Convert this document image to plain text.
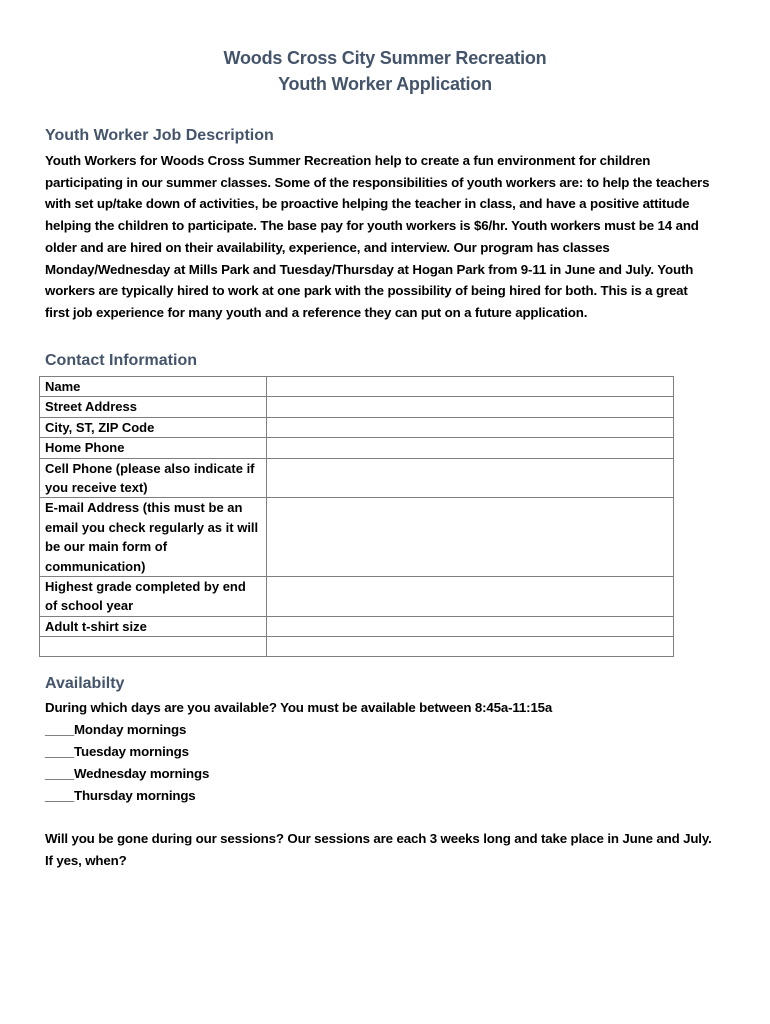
Woods Cross City Summer Recreation
Youth Worker Application
Youth Worker Job Description
Youth Workers for Woods Cross Summer Recreation help to create a fun environment for children
participating in our summer classes. Some of the responsibilities of youth workers are: to help the teachers
with set up/take down of activities, be proactive helping the teacher in class, and have a positive attitude
helping the children to participate. The base pay for youth workers is $6/hr. Youth workers must be 14 and
older and are hired on their availability, experience, and interview. Our program has classes
Monday/Wednesday at Mills Park and Tuesday/Thursday at Hogan Park from 9-11 in June and July. Youth
workers are typically hired to work at one park with the possibility of being hired for both. This is a great
first job experience for many youth and a reference they can put on a future application.
Contact Information
Name	
Street Address	
City, ST, ZIP Code	
Home Phone	
Cell Phone (please also indicate if you receive text)	
E-mail Address (this must be an email you check regularly as it will be our main form of communication)	
Highest grade completed by end of school year	
Adult t-shirt size	

Availabilty
During which days are you available? You must be available between 8:45a-11:15a
____Monday mornings
____Tuesday mornings
____Wednesday mornings
____Thursday mornings
Will you be gone during our sessions? Our sessions are each 3 weeks long and take place in June and July.
If yes, when?
